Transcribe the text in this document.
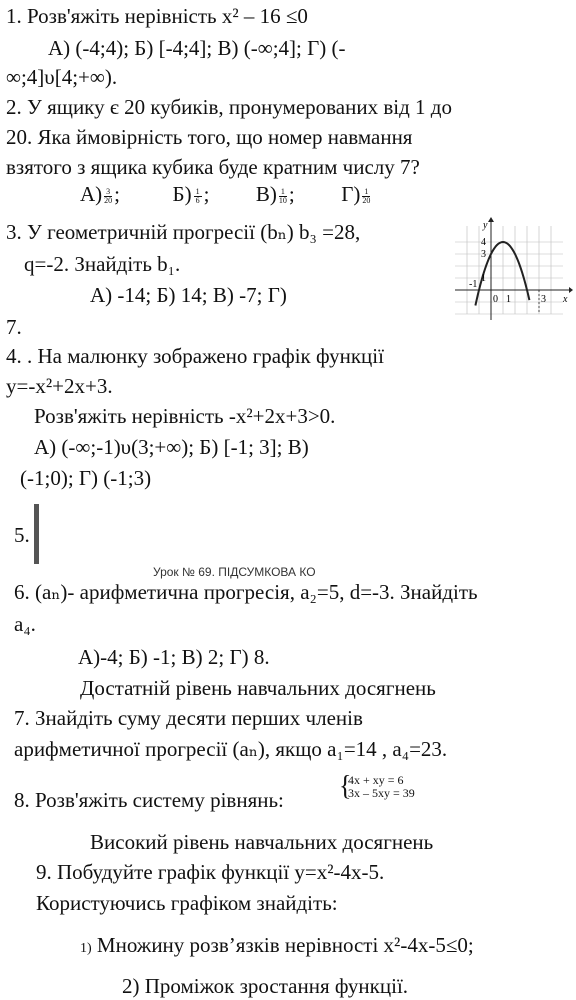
1. Розв'яжіть нерівність x² – 16 ≤0
А) (-4;4); Б) [-4;4]; В) (-∞;4]; Г) (-
∞;4]υ[4;+∞).
2. У ящику є 20 кубиків, пронумерованих від 1 до
20. Яка ймовірність того, що номер навмання
взятого з ящика кубика буде кратним числу 7?
$А) \frac{3}{20}$ ;	$Б) \frac{1}{6}$ ; $В) \frac{1}{10}$ ; $Г) \frac{1}{20}$
3. У геометричній прогресії (bₙ) b₃ =28,
q=-2. Знайдіть b₁.
А) -14; Б) 14; В) -7; Г)
7.
y
x
4
3
1
-1
0 1	3
4. . На малюнку зображено графік функції
y=-x²+2x+3.
Розв'яжіть нерівність -x²+2x+3>0.
А) (-∞;-1)υ(3;+∞); Б) [-1; 3]; В)
(-1;0); Г) (-1;3)
5.
Урок № 69. ПІДСУМКОВА КО
6. (aₙ)- арифметична прогресія, a₂=5, d=-3. Знайдіть
a₄.
А)-4; Б) -1; В) 2; Г) 8.
Достатній рівень навчальних досягнень
7. Знайдіть суму десяти перших членів
арифметичної прогресії (aₙ), якщо a₁=14 , a₄=23.
8. Розв'яжіть систему рівнянь: {
4x + xy = 6
3x – 5xy = 39
Високий рівень навчальних досягнень
9. Побудуйте графік функції y=x²-4x-5.
Користуючись графіком знайдіть:
1) Множину розв’язків нерівності x²-4x-5≤0;
2) Проміжок зростання функції.
